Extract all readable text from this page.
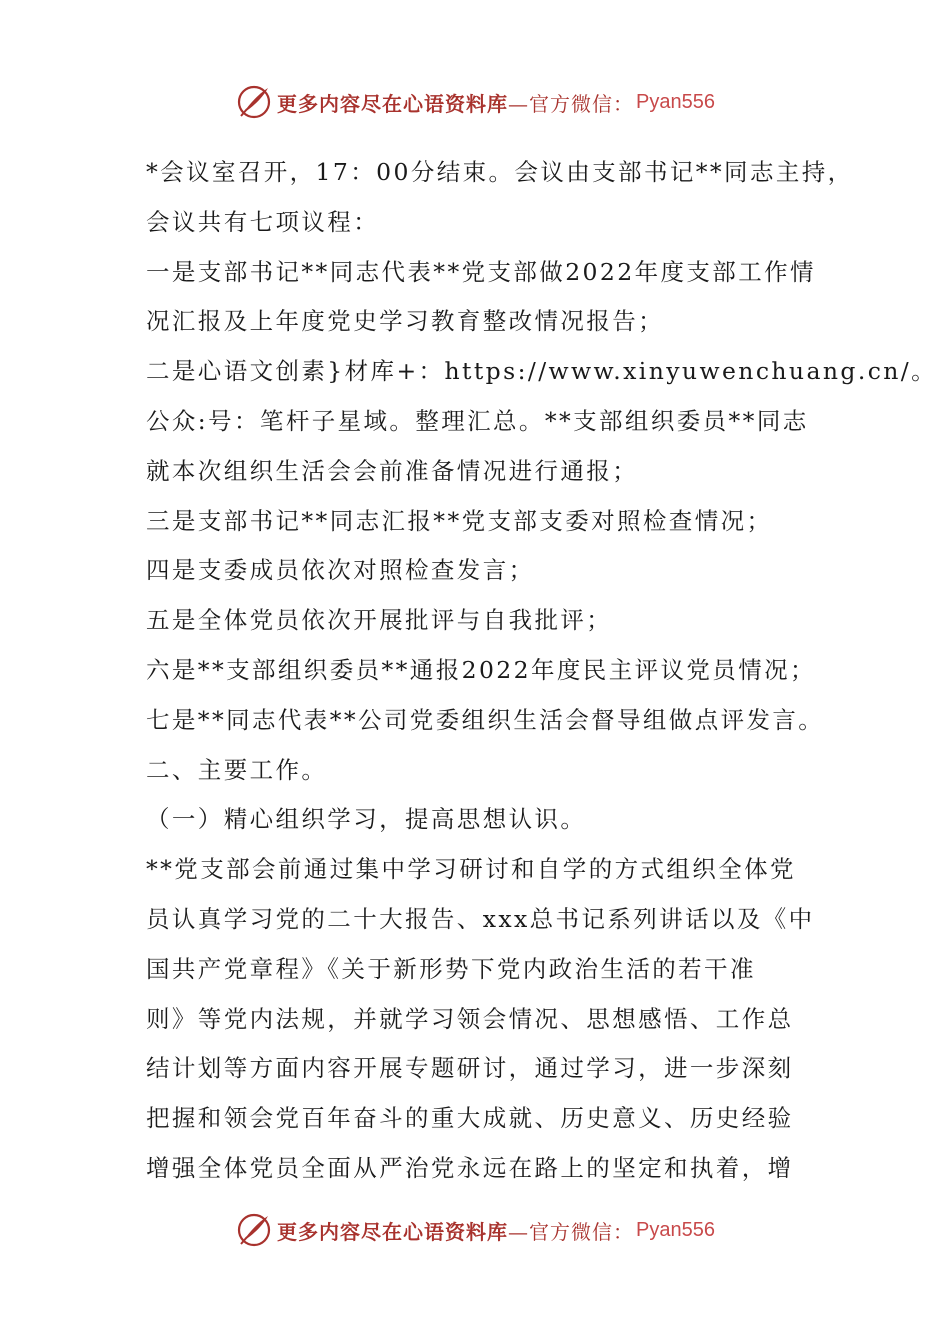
更多内容尽在心语资料库 —官方微信： Pyan556
*会议室召开，17：00分结束。会议由支部书记**同志主持，
会议共有七项议程：
一是支部书记**同志代表**党支部做2022年度支部工作情
况汇报及上年度党史学习教育整改情况报告；
二是心语文创素}材库+：https://www.xinyuwenchuang.cn/。
公众:号：笔杆子星域。整理汇总。**支部组织委员**同志
就本次组织生活会会前准备情况进行通报；
三是支部书记**同志汇报**党支部支委对照检查情况；
四是支委成员依次对照检查发言；
五是全体党员依次开展批评与自我批评；
六是**支部组织委员**通报2022年度民主评议党员情况；
七是**同志代表**公司党委组织生活会督导组做点评发言。
二、主要工作。
（一）精心组织学习，提高思想认识。
**党支部会前通过集中学习研讨和自学的方式组织全体党
员认真学习党的二十大报告、xxx总书记系列讲话以及《中
国共产党章程》《关于新形势下党内政治生活的若干准
则》等党内法规，并就学习领会情况、思想感悟、工作总
结计划等方面内容开展专题研讨，通过学习，进一步深刻
把握和领会党百年奋斗的重大成就、历史意义、历史经验
增强全体党员全面从严治党永远在路上的坚定和执着，增
更多内容尽在心语资料库 —官方微信： Pyan556
